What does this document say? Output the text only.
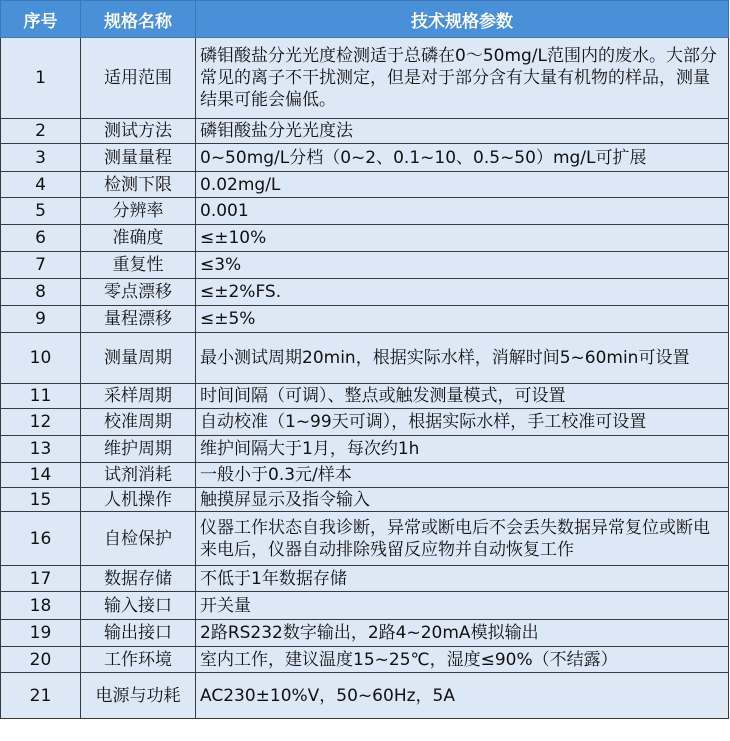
序号	规格名称	技术规格参数
1	适用范围	磷钼酸盐分光光度检测适于总磷在0～50mg/L范围内的废水。大部分常见的离子不干扰测定，但是对于部分含有大量有机物的样品，测量结果可能会偏低。
2	测试方法	磷钼酸盐分光光度法
3	测量量程	0~50mg/L分档（0~2、0.1~10、0.5~50）mg/L可扩展
4	检测下限	0.02mg/L
5	分辨率	0.001
6	准确度	≤±10%
7	重复性	≤3%
8	零点漂移	≤±2%FS.
9	量程漂移	≤±5%
10	测量周期	最小测试周期20min，根据实际水样，消解时间5~60min可设置
11	采样周期	时间间隔（可调）、整点或触发测量模式，可设置
12	校准周期	自动校准（1~99天可调），根据实际水样，手工校准可设置
13	维护周期	维护间隔大于1月，每次约1h
14	试剂消耗	一般小于0.3元/样本
15	人机操作	触摸屏显示及指令输入
16	自检保护	仪器工作状态自我诊断，异常或断电后不会丢失数据异常复位或断电来电后，仪器自动排除残留反应物并自动恢复工作
17	数据存储	不低于1年数据存储
18	输入接口	开关量
19	输出接口	2路RS232数字输出，2路4~20mA模拟输出
20	工作环境	室内工作，建议温度15~25℃，湿度≤90%（不结露）
21	电源与功耗	AC230±10%V，50~60Hz，5A
